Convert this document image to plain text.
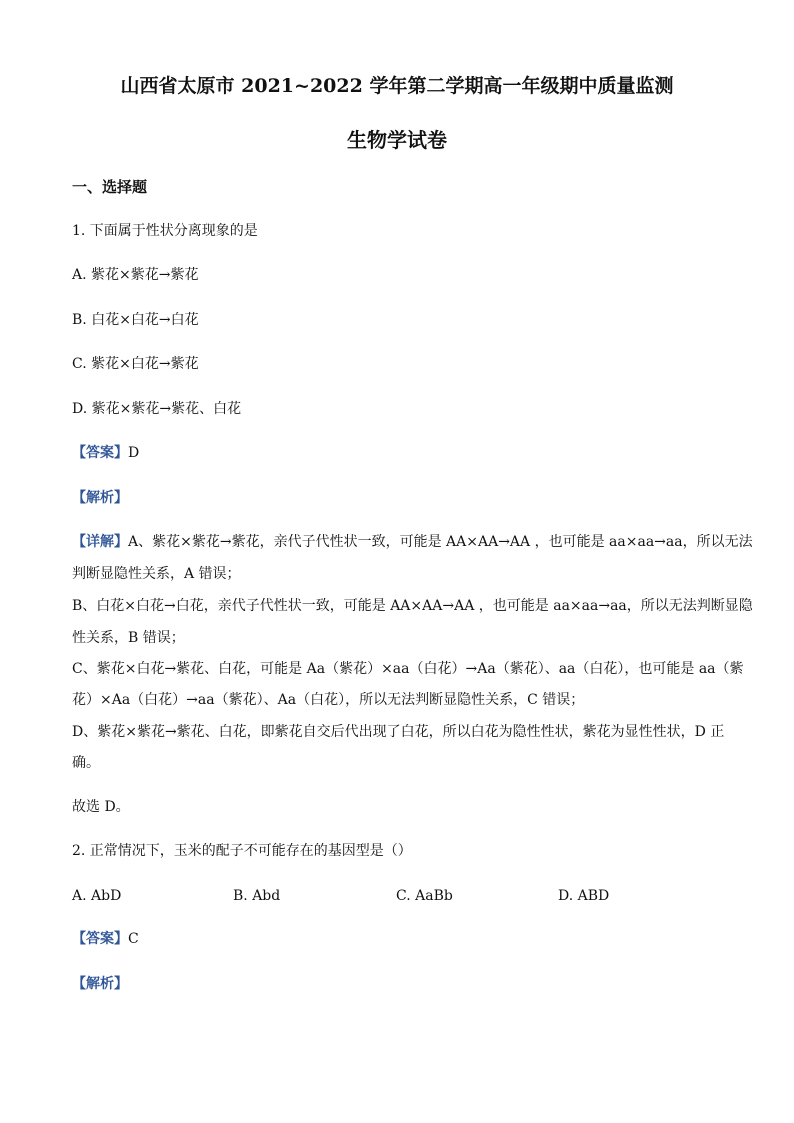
山西省太原市 2021~2022 学年第二学期高一年级期中质量监测
生物学试卷
一、选择题
1. 下面属于性状分离现象的是
A. 紫花×紫花→紫花
B. 白花×白花→白花
C. 紫花×白花→紫花
D. 紫花×紫花→紫花、白花
【答案】D
【解析】
【详解】A、紫花×紫花→紫花，亲代子代性状一致，可能是 AA×AA→AA ，也可能是 aa×aa→aa，所以无法
判断显隐性关系，A 错误；
B、白花×白花→白花，亲代子代性状一致，可能是 AA×AA→AA ，也可能是 aa×aa→aa，所以无法判断显隐
性关系，B 错误；
C、紫花×白花→紫花、白花，可能是 Aa（紫花）×aa（白花）→Aa（紫花）、aa（白花），也可能是 aa（紫
花）×Aa（白花）→aa（紫花）、Aa（白花），所以无法判断显隐性关系，C 错误；
D、紫花×紫花→紫花、白花，即紫花自交后代出现了白花，所以白花为隐性性状，紫花为显性性状，D 正
确。
故选 D。
2. 正常情况下，玉米的配子不可能存在的基因型是（）
A. AbD	B. Abd	C. AaBb	D. ABD
【答案】C
【解析】
